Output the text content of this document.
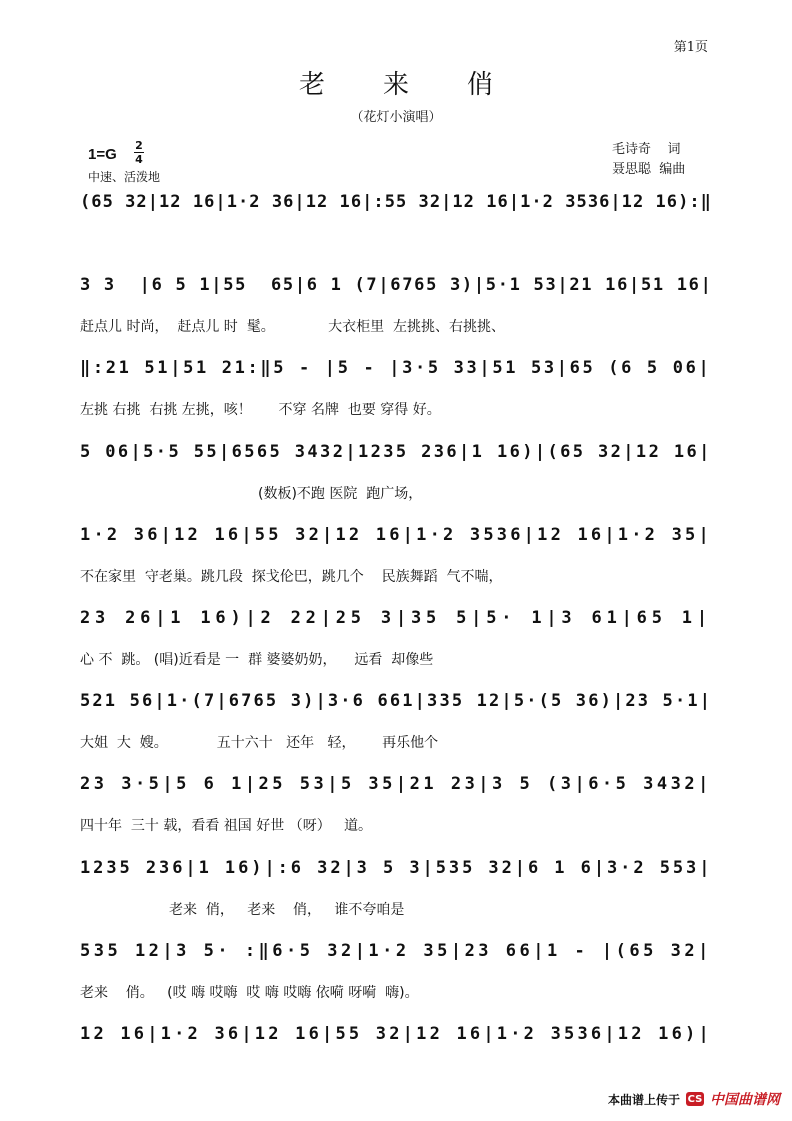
第1页
老来俏
（花灯小演唱）
1=G
2
4
中速、活泼地
毛诗奇    词
聂思聪  编曲
(65 32|12 16|1·2 36|12 16|:55 32|12 16|1·2 3536|12 16):‖
3 3  |6 5 1|55  65|6 1 (7|6765 3)|5·1 53|21 16|51 16|
赶点儿 时尚，  赶点儿 时  髦。            大衣柜里  左挑挑、右挑挑、
‖:21 51|51 21:‖5 - |5 - |3·5 33|51 53|65 (6 5 06|
左挑 右挑  右挑 左挑，咳！      不穿 名牌  也要 穿得 好。
5 06|5·5 55|6565 3432|1235 236|1 16)|(65 32|12 16|
(数板)不跑 医院  跑广场，
1·2 36|12 16|55 32|12 16|1·2 3536|12 16|1·2 35|
不在家里  守老巢。跳几段  探戈伦巴，跳几个    民族舞蹈  气不喘，
23 26|1 16)|2 22|25 3|35 5|5· 1|3 61|65 1|
心 不  跳。 (唱)近看是 一  群 婆婆奶奶，    远看  却像些
521 56|1·(7|6765 3)|3·6 661|335 12|5·(5 36)|23 5·1|
大姐  大  嫂。           五十六十   还年   轻，      再乐他个
23 3·5|5 6 1|25 53|5 35|21 23|3 5 (3|6·5 3432|
四十年  三十 载，看看 祖国 好世 （呀）   道。
1235 236|1 16)|:6 32|3 5 3|535 32|6 1 6|3·2 553|
老来  俏，   老来    俏，   谁不夸咱是
535 12|3 5· :‖6·5 32|1·2 35|23 66|1 - |(65 32|
老来    俏。   (哎 嗨 哎嗨  哎 嗨 哎嗨 依嗬 呀嗬  嗨)。
12 16|1·2 36|12 16|55 32|12 16|1·2 3536|12 16)|
本曲谱上传于 CS 中国曲谱网
